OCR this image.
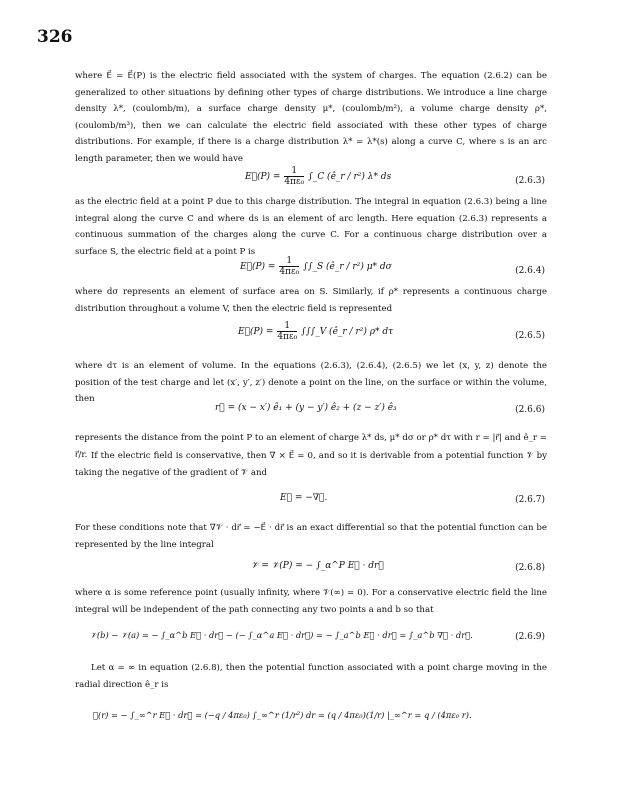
326
where E⃗ = E⃗(P) is the electric field associated with the system of charges. The equation (2.6.2) can be generalized to other situations by defining other types of charge distributions. We introduce a line charge density λ*, (coulomb/m), a surface charge density μ*, (coulomb/m²), a volume charge density ρ*, (coulomb/m³), then we can calculate the electric field associated with these other types of charge distributions. For example, if there is a charge distribution λ* = λ*(s) along a curve C, where s is an arc length parameter, then we would have
E⃗(P) = $\frac{1}{\text{4πε₀}}$ ∫_C (ê_r / r²) λ* ds	(2.6.3)
as the electric field at a point P due to this charge distribution. The integral in equation (2.6.3) being a line integral along the curve C and where ds is an element of arc length. Here equation (2.6.3) represents a continuous summation of the charges along the curve C. For a continuous charge distribution over a surface S, the electric field at a point P is
E⃗(P) = $\frac{1}{\text{4πε₀}}$ ∫∫_S (ê_r / r²) μ* dσ	(2.6.4)
where dσ represents an element of surface area on S. Similarly, if ρ* represents a continuous charge distribution throughout a volume V, then the electric field is represented
E⃗(P) = $\frac{1}{\text{4πε₀}}$ ∫∫∫_V (ê_r / r²) ρ* dτ	(2.6.5)
where dτ is an element of volume. In the equations (2.6.3), (2.6.4), (2.6.5) we let (x, y, z) denote the position of the test charge and let (x′, y′, z′) denote a point on the line, on the surface or within the volume, then
r⃗ = (x − x′) ê₁ + (y − y′) ê₂ + (z − z′) ê₃	(2.6.6)
represents the distance from the point P to an element of charge λ* ds, μ* dσ or ρ* dτ with r = |r⃗| and ê_r = r⃗/r. If the electric field is conservative, then ∇ × E⃗ = 0, and so it is derivable from a potential function 𝒱 by taking the negative of the gradient of 𝒱 and
E⃗ = −∇𝒱.	(2.6.7)
For these conditions note that ∇𝒱 · dr⃗ = −E⃗ · dr⃗ is an exact differential so that the potential function can be represented by the line integral
𝒱 = 𝒱(P) = − ∫_α^P E⃗ · dr⃗	(2.6.8)
where α is some reference point (usually infinity, where 𝒱(∞) = 0). For a conservative electric field the line integral will be independent of the path connecting any two points a and b so that
𝒱(b) − 𝒱(a) = − ∫_α^b E⃗ · dr⃗ − (− ∫_α^a E⃗ · dr⃗) = − ∫_a^b E⃗ · dr⃗ = ∫_a^b ∇𝒱 · dr⃗.	(2.6.9)
Let α = ∞ in equation (2.6.8), then the potential function associated with a point charge moving in the radial direction ê_r is
𝒱(r) = − ∫_∞^r E⃗ · dr⃗ = (−q / 4πε₀) ∫_∞^r (1/r²) dr = (q / 4πε₀)(1/r) |_∞^r = q / (4πε₀ r).
